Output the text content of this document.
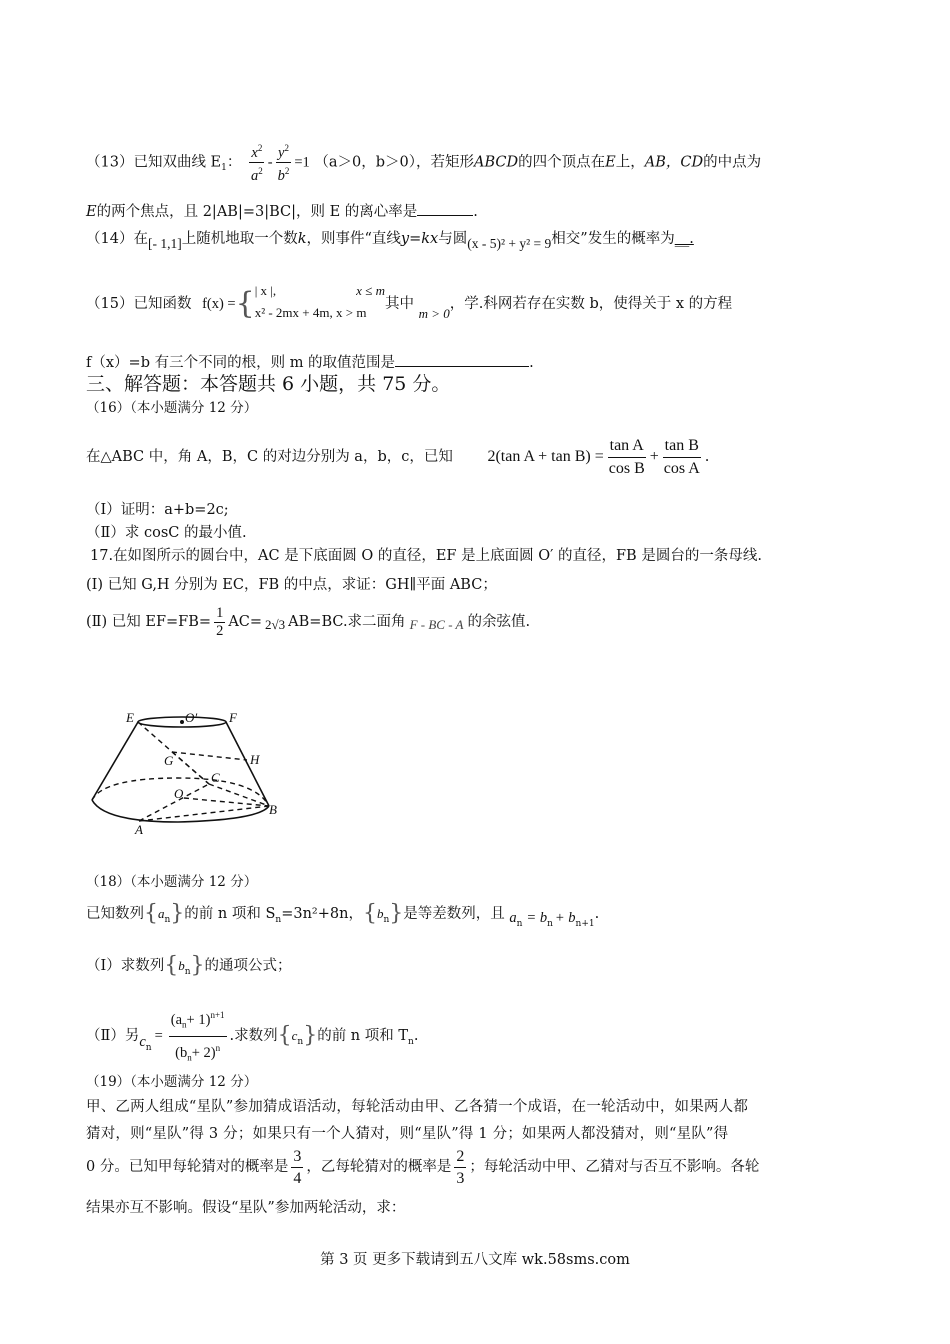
（13）已知双曲线 $E_1$： $\frac{x^2}{a^2} - \frac{y^2}{b^2} =1$ （a＞0，b＞0），若矩形ABCD的四个顶点在E上，AB，CD的中点为
E的两个焦点，且 2|AB|=3|BC|，则 E 的离心率是	.
（14）在[- 1,1]上随机地取一个数k，则事件“直线y=kx与圆(x - 5)² + y² = 9相交”发生的概率为__.
（15）已知函数 f(x) ={ | x |,	x ≤ m
x² - 2mx + 4m, x > m
其中 m > 0，学.科网若存在实数 b，使得关于 x 的方程
f（x）=b 有三个不同的根，则 m 的取值范围是	.
三、解答题：本答题共 6 小题，共 75 分。
（16）（本小题满分 12 分）
在△ABC 中，角 A，B，C 的对边分别为 a，b，c，已知 2(tan $A + \tan B) = \frac{\text{tan A}}{\text{cos B}} + \frac{\text{tan B}}{\text{cos A}}$ .
（Ⅰ）证明：a+b=2c;
（Ⅱ）求 cosC 的最小值.
17.在如图所示的圆台中，AC 是下底面圆 O 的直径，EF 是上底面圆 O′ 的直径，FB 是圆台的一条母线.
(Ⅰ) 已知 G,H 分别为 EC，FB 的中点，求证：GH∥平面 ABC；
(Ⅱ) 已知 $EF=FB= \frac{1}{2} AC= 2√3$ AB=BC.求二面角 F - BC - A 的余弦值.
E	O′ F
G	H
C
O
B
A
（18）（本小题满分 12 分）
已知数列$\{a_n\}$的前 n 项和 $S_n=3n^2+8n$，$\{b_n\}$是等差数列，且 $a_n = b_n + b_{n+1}$.
（Ⅰ）求数列$\{b_n\}$的通项公式；
（Ⅱ）另$c_n= \frac{(a_n+ 1)^{n+1}}{(b_n+ 2)^n}$ .求数列$\{c_n\}$的前 n 项和 $T_n$.
（19）（本小题满分 12 分）
甲、乙两人组成“星队”参加猜成语活动，每轮活动由甲、乙各猜一个成语，在一轮活动中，如果两人都
猜对，则“星队”得 3 分；如果只有一个人猜对，则“星队”得 1 分；如果两人都没猜对，则“星队”得
0 分。已知甲每轮猜对的概率是 $\frac{3}{4}$ ，乙每轮猜对的概率是 $\frac{2}{3}$ ；每轮活动中甲、乙猜对与否互不影响。各轮
结果亦互不影响。假设“星队”参加两轮活动，求：
第 3 页 更多下载请到五八文库 wk.58sms.com
